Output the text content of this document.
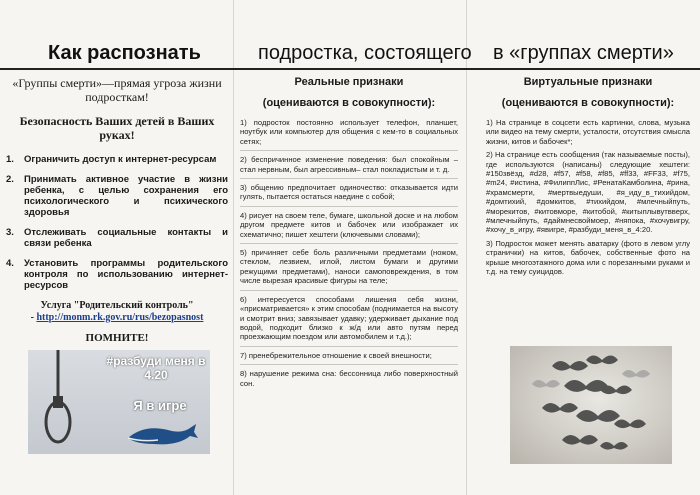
Как распознать	подростка, состоящего в «группах смерти»

«Группы смерти»—прямая угроза жизни подросткам!

Безопасность Ваших детей в Ваших руках!

1.	Ограничить доступ к интернет-ресурсам
2.	Принимать активное участие в жизни ребенка, с целью сохранения его психологического и психического здоровья
3.	Отслеживать социальные контакты и связи ребенка
4.	Установить программы родительского контроля по использованию интернет-ресурсов
Услуга "Родительский контроль"
- http://monm.rk.gov.ru/rus/bezopasnost
ПОМНИТЕ!
#разбуди меня в 4.20
Я в игре
Реальные признаки
(оцениваются в совокупности):

1) подросток постоянно использует телефон, планшет, ноутбук или компьютер для общения с кем-то в социальных сетях;

2) беспричинное изменение поведения: был спокойным –стал нервным, был агрессивным– стал покладистым и т. д.

3) общению предпочитает одиночество: отказывается идти гулять, пытается остаться наедине с собой;

4) рисует на своем теле, бумаге, школьной доске и на любом другом предмете китов и бабочек или изображает их схематично; пишет хештеги (ключевыми словами);

5) причиняет себе боль различными предметами (ножом, стеклом, лезвием, иглой, листом бумаги и другими режущими предметами), наноси самоповреждения, в том числе вырезая красивые фигуры на теле;

6) интересуется способами лишения себя жизни, «присматривается» к этим способам (поднимается на высоту и смотрит вниз; завязывает удавку; удерживает дыхание под водой, подходит близко к ж/д или авто путям перед проезжающим поездом или автомобилем и т.д.);

7) пренебрежительное отношение к своей внешности;

8) нарушение режима сна: бессонница либо поверхностный сон.

Виртуальные признаки
(оцениваются в совокупности):

1) На странице в соцсети есть картинки, слова, музыка или видео на тему смерти, усталости, отсутствия смысла жизни, китов и бабочек*;

2) На странице есть сообщения (так называемые посты), где используются (написаны) следующие хештеги: #150звёзд, #d28, #f57, #f58, #f85, #ff33, #FF33, #f75, #m24, #истина, #ФилиппЛис, #РенатаКамболина, #рина, #храмсмерти, #мертвыедуши, #я_иду_в_тихийдом, #домтихий, #домкитов, #тихийдом, #млечныйпуть, #морекитов, #китовморе, #китобой, #китыплывутвверх, #млечныйпуть, #даймнесвоймоер, #няпока, #хочувигру, #хочу_в_игру, #явигре, #разбуди_меня_в_4:20.

3) Подросток может менять аватарку (фото в левом углу странички) на китов, бабочек, собственные фото на крыше многоэтажного дома или с порезанными руками и т.д. на тему суицидов.
